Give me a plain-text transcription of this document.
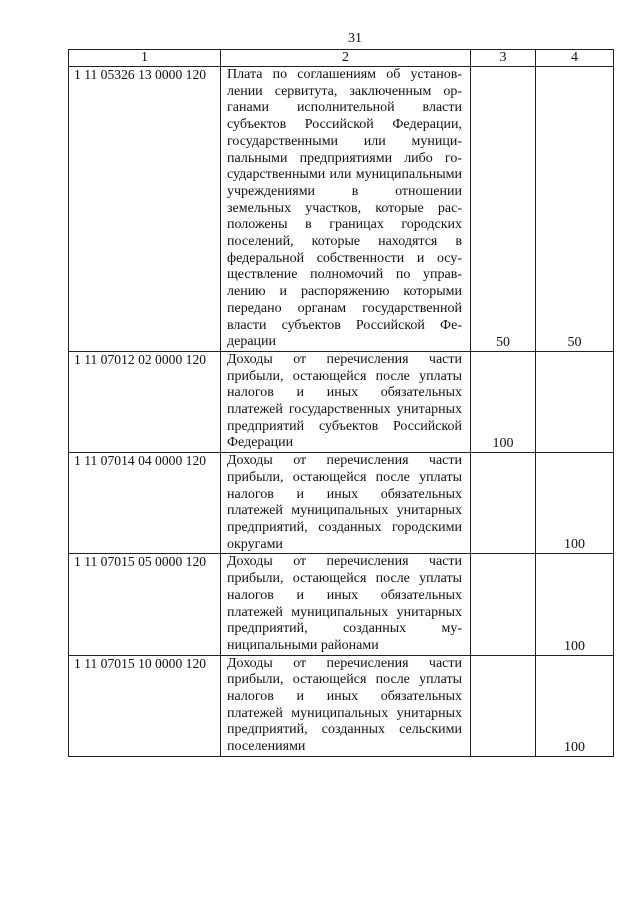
31
1	2	3	4
1 11 05326 13 0000 120	Плата по соглашениям об установлении сервитута, заключенным органами исполнительной власти субъектов Российской Федерации, государственными или муниципальными предприятиями либо государственными или муниципальными учреждениями в отношении земельных участков, которые расположены в границах городских поселений, которые находятся в федеральной собственности и осуществление полномочий по управлению и распоряжению которыми передано органам государственной власти субъектов Российской Федерации	50	50

1 11 07012 02 0000 120	Доходы от перечисления части прибыли, остающейся после уплаты налогов и иных обязательных платежей государственных унитарных предприятий субъектов Российской Федерации	100	

1 11 07014 04 0000 120	Доходы от перечисления части прибыли, остающейся после уплаты налогов и иных обязательных платежей муниципальных унитарных предприятий, созданных городскими округами		100

1 11 07015 05 0000 120	Доходы от перечисления части прибыли, остающейся после уплаты налогов и иных обязательных платежей муниципальных унитарных предприятий, созданных муниципальными районами		100

1 11 07015 10 0000 120	Доходы от перечисления части прибыли, остающейся после уплаты налогов и иных обязательных платежей муниципальных унитарных предприятий, созданных сельскими поселениями		100
